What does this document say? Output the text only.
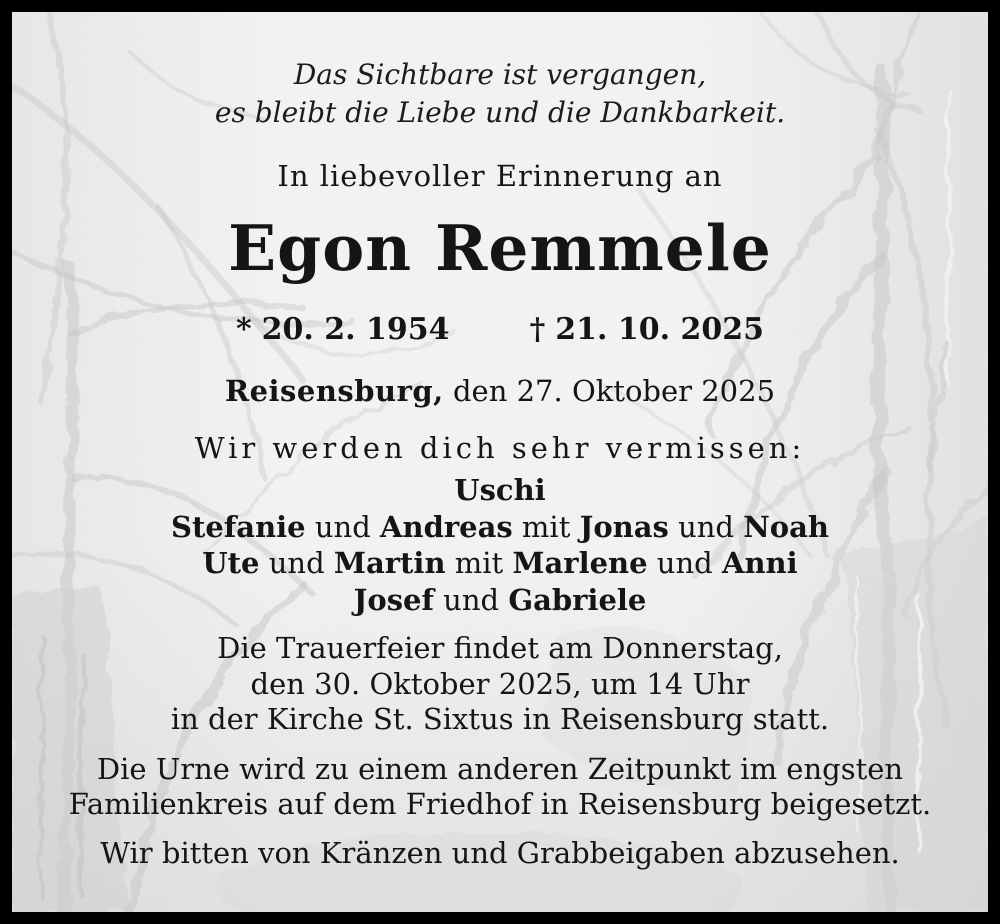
Das Sichtbare ist vergangen,
es bleibt die Liebe und die Dankbarkeit.
In liebevoller Erinnerung an
Egon Remmele
* 20. 2. 1954	† 21. 10. 2025
Reisensburg, den 27. Oktober 2025
Wir werden dich sehr vermissen:
Uschi
Stefanie und Andreas mit Jonas und Noah
Ute und Martin mit Marlene und Anni
Josef und Gabriele
Die Trauerfeier findet am Donnerstag,
den 30. Oktober 2025, um 14 Uhr
in der Kirche St. Sixtus in Reisensburg statt.
Die Urne wird zu einem anderen Zeitpunkt im engsten
Familienkreis auf dem Friedhof in Reisensburg beigesetzt.
Wir bitten von Kränzen und Grabbeigaben abzusehen.
